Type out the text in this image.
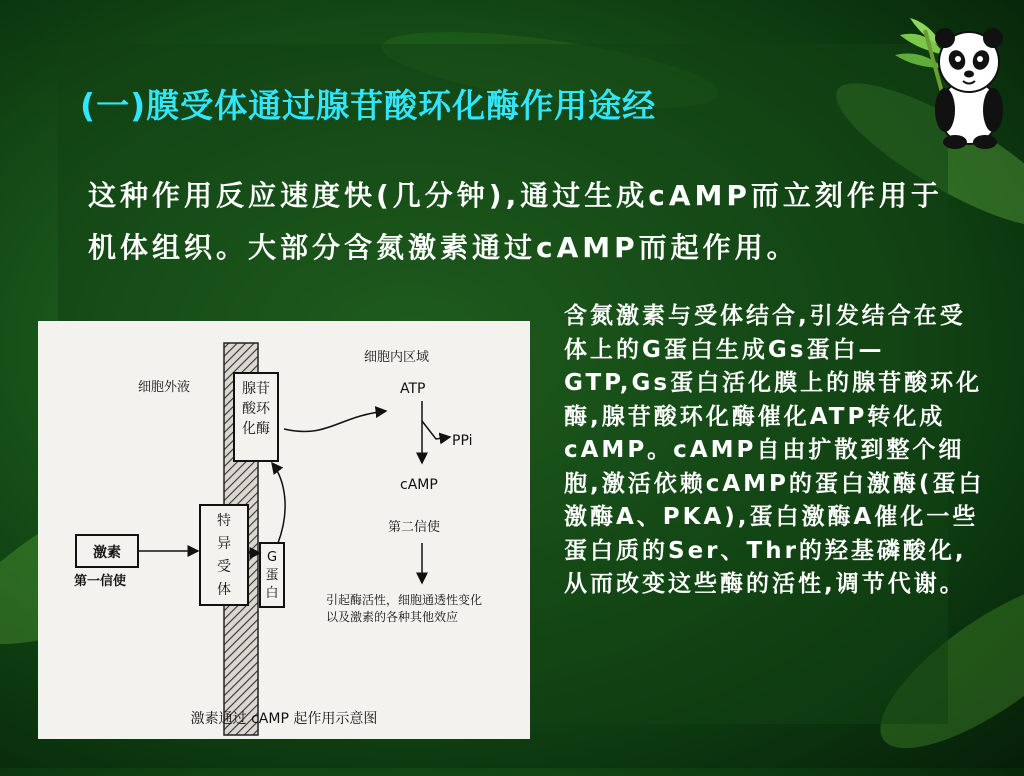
(一)膜受体通过腺苷酸环化酶作用途经

这种作用反应速度快(几分钟),通过生成cAMP而立刻作用于机体组织。大部分含氮激素通过cAMP而起作用。

含氮激素与受体结合,引发结合在受体上的G蛋白生成Gs蛋白—GTP,Gs蛋白活化膜上的腺苷酸环化酶,腺苷酸环化酶催化ATP转化成cAMP。cAMP自由扩散到整个细胞,激活依赖cAMP的蛋白激酶(蛋白激酶A、PKA),蛋白激酶A催化一些蛋白质的Ser、Thr的羟基磷酸化,从而改变这些酶的活性,调节代谢。

细胞外液
细胞内区域
腺苷
酸环
化酶
ATP
PPi
cAMP
第二信使
引起酶活性，细胞通透性变化
以及激素的各种其他效应
特
异
受
体
G
蛋
白
激素
第一信使
激素通过 cAMP 起作用示意图
